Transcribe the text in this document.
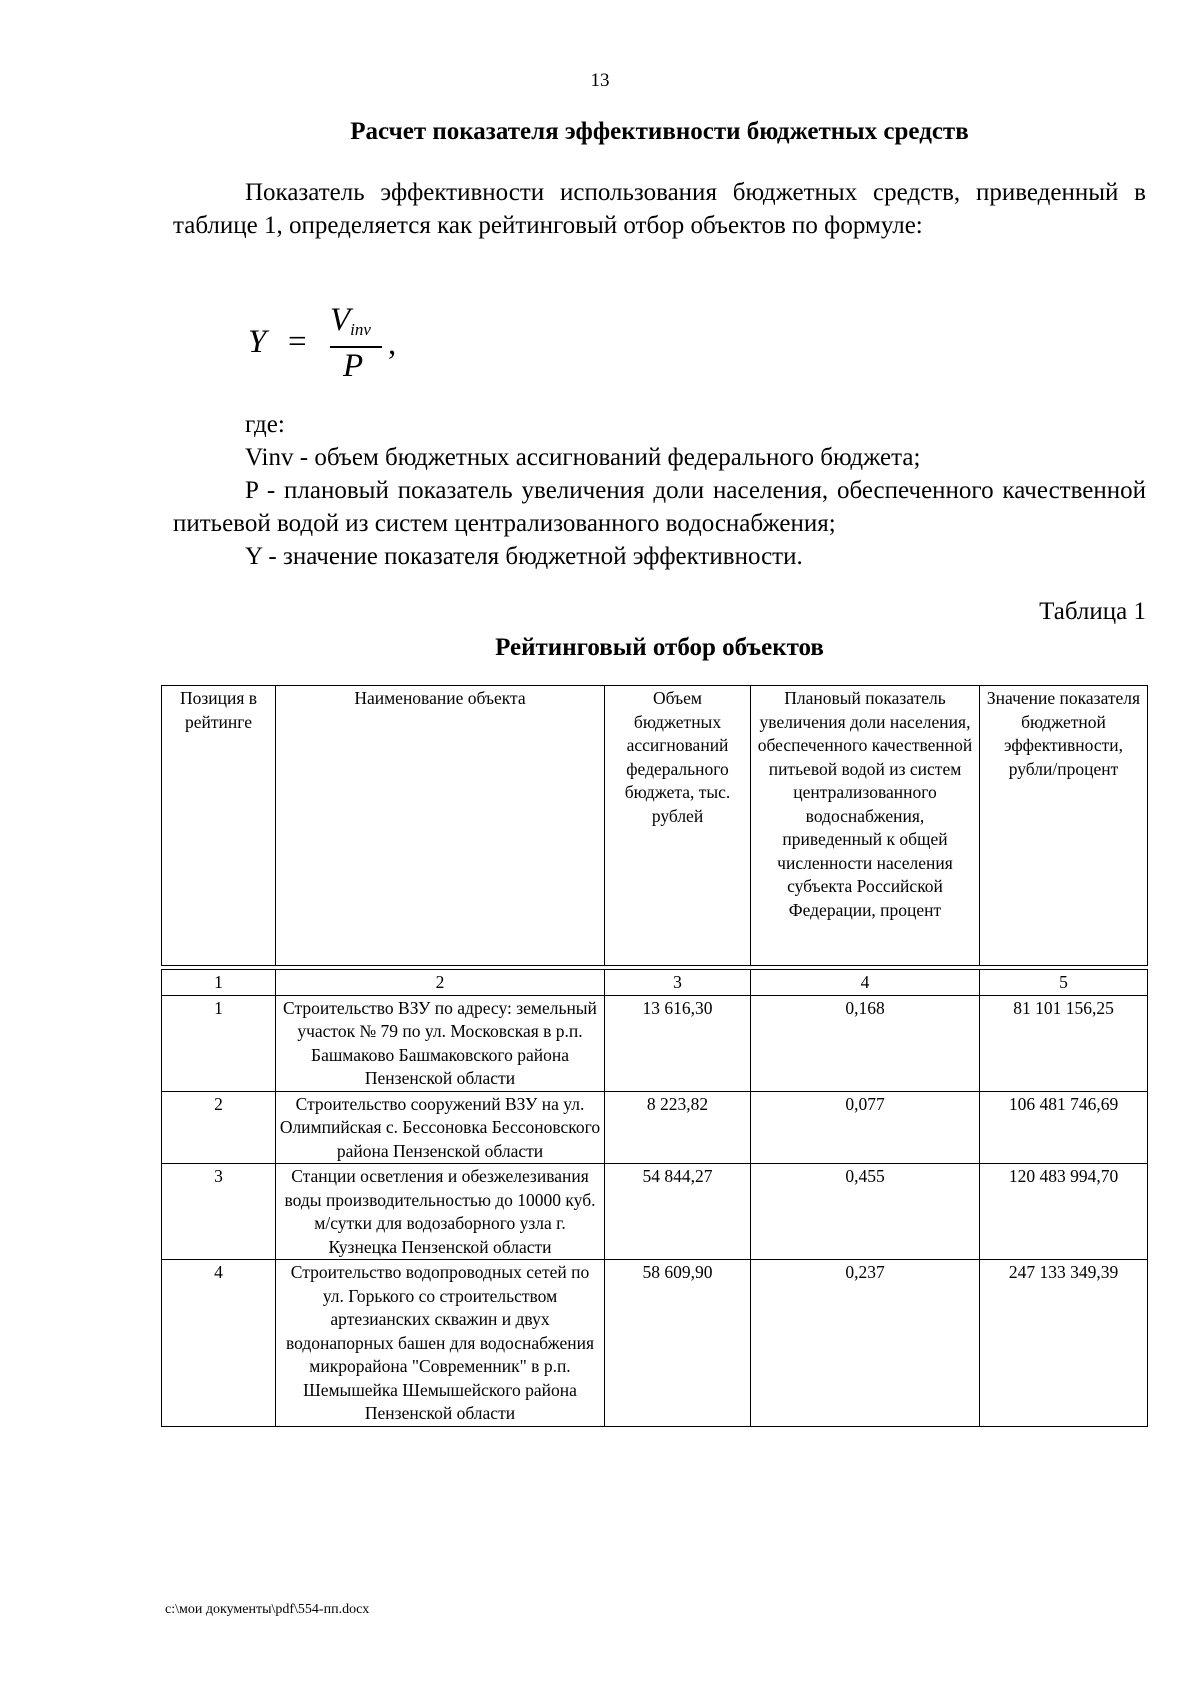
13
Расчет показателя эффективности бюджетных средств
Показатель эффективности использования бюджетных средств, приведенный в таблице 1, определяется как рейтинговый отбор объектов по формуле:
Y =
$V_{inv}$
P
,
где:
Vinv - объем бюджетных ассигнований федерального бюджета;
P - плановый показатель увеличения доли населения, обеспеченного качественной питьевой водой из систем централизованного водоснабжения;
Y - значение показателя бюджетной эффективности.
Таблица 1
Рейтинговый отбор объектов
Позиция в рейтинге	Наименование объекта	Объем бюджетных ассигнований федерального бюджета, тыс. рублей	Плановый показатель увеличения доли населения, обеспеченного качественной питьевой водой из систем централизованного водоснабжения, приведенный к общей численности населения субъекта Российской Федерации, процент	Значение показателя бюджетной эффективности, рубли/процент

1	2	3	4	5
1	Строительство ВЗУ по адресу: земельный участок № 79 по ул. Московская в р.п. Башмаково Башмаковского района Пензенской области	13 616,30	0,168	81 101 156,25
2	Строительство сооружений ВЗУ на ул. Олимпийская с. Бессоновка Бессоновского района Пензенской области	8 223,82	0,077	106 481 746,69
3	Станции осветления и обезжелезивания воды производительностью до 10000 куб. м/сутки для водозаборного узла г. Кузнецка Пензенской области	54 844,27	0,455	120 483 994,70
4	Строительство водопроводных сетей по ул. Горького со строительством артезианских скважин и двух водонапорных башен для водоснабжения микрорайона "Современник" в р.п. Шемышейка Шемышейского района Пензенской области	58 609,90	0,237	247 133 349,39
c:\мои документы\pdf\554-пп.docx
